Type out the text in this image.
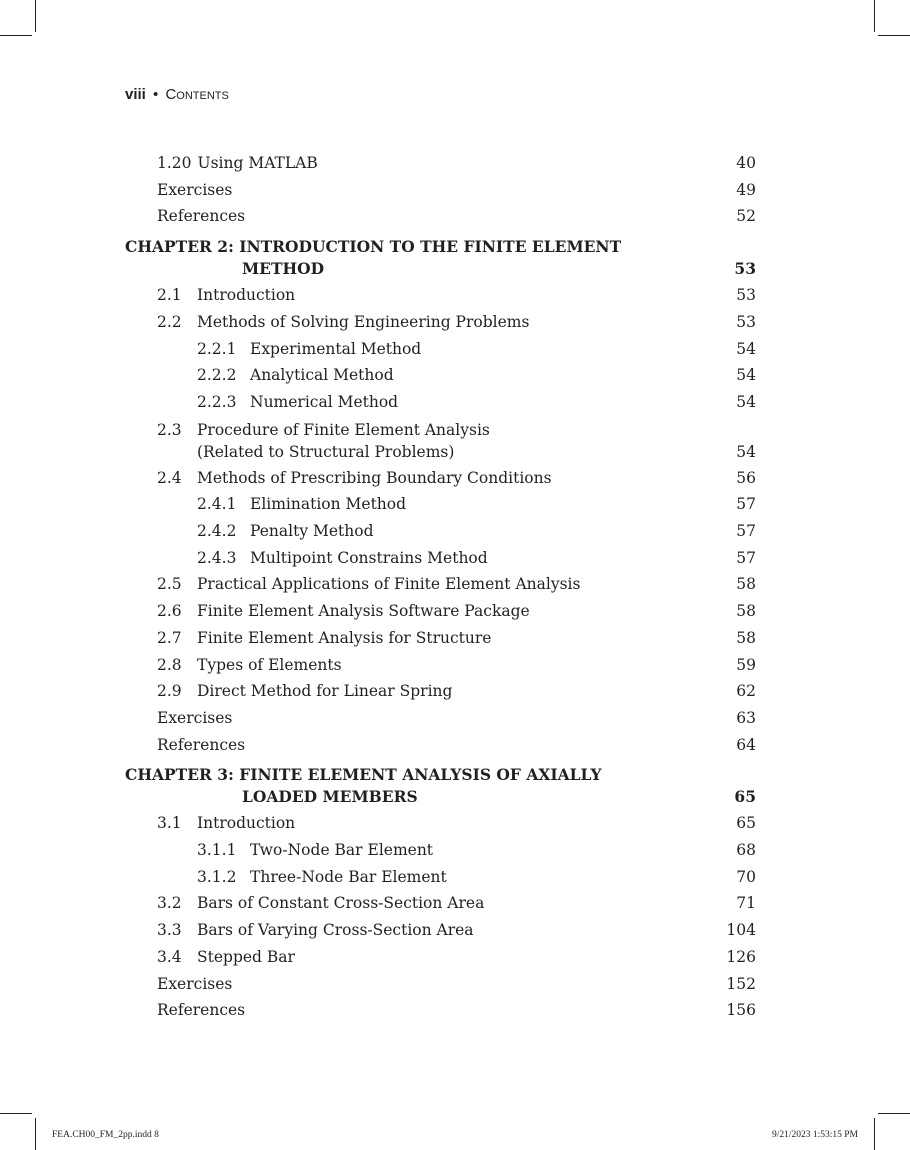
viii • Contents
1.20 Using MATLAB	40
Exercises	49
References	52
CHAPTER 2: INTRODUCTION TO THE FINITE ELEMENT
METHOD	53
2.1 Introduction	53
2.2 Methods of Solving Engineering Problems	53
2.2.1 Experimental Method	54
2.2.2 Analytical Method	54
2.2.3 Numerical Method	54
2.3 Procedure of Finite Element Analysis
(Related to Structural Problems)	54
2.4 Methods of Prescribing Boundary Conditions	56
2.4.1 Elimination Method	57
2.4.2 Penalty Method	57
2.4.3 Multipoint Constrains Method	57
2.5 Practical Applications of Finite Element Analysis	58
2.6 Finite Element Analysis Software Package	58
2.7 Finite Element Analysis for Structure	58
2.8 Types of Elements	59
2.9 Direct Method for Linear Spring	62
Exercises	63
References	64
CHAPTER 3: FINITE ELEMENT ANALYSIS OF AXIALLY
LOADED MEMBERS	65
3.1 Introduction	65
3.1.1 Two-Node Bar Element	68
3.1.2 Three-Node Bar Element	70
3.2 Bars of Constant Cross-Section Area	71
3.3 Bars of Varying Cross-Section Area	104
3.4 Stepped Bar	126
Exercises	152
References	156
FEA.CH00_FM_2pp.indd 8	9/21/2023 1:53:15 PM
